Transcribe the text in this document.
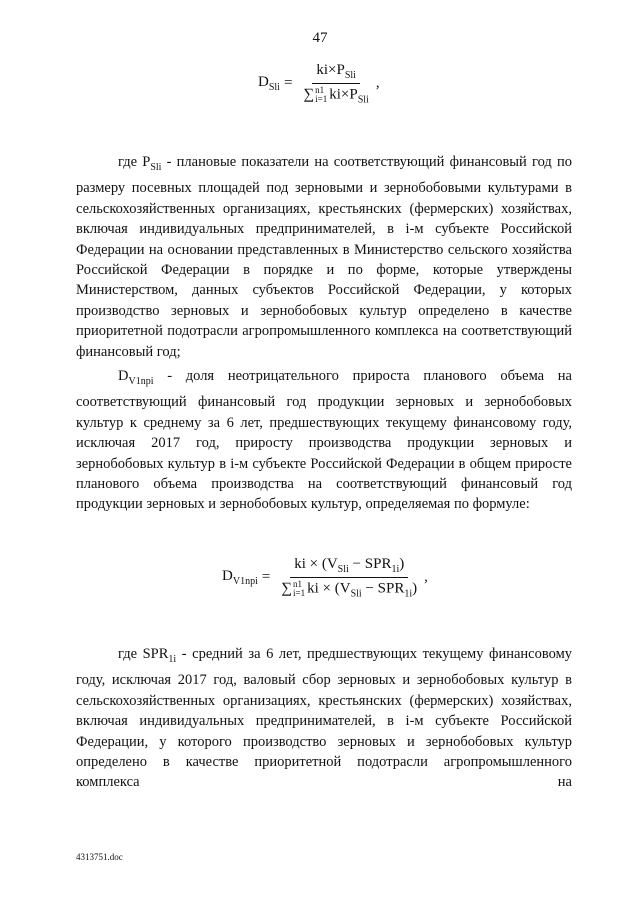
47
$D_{Sli} = ki\times P_{Sli}$
∑ n1
i=1 $ki\times P_{Sli}$ ,

где $P_{Sli}$ - плановые показатели на соответствующий финансовый год по размеру посевных площадей под зерновыми и зернобобовыми культурами в сельскохозяйственных организациях, крестьянских (фермерских) хозяйствах, включая индивидуальных предпринимателей, в i-м субъекте Российской Федерации на основании представленных в Министерство сельского хозяйства Российской Федерации в порядке и по форме, которые утверждены Министерством, данных субъектов Российской Федерации, у которых производство зерновых и зернобобовых культур определено в качестве приоритетной подотрасли агропромышленного комплекса на соответствующий финансовый год;

$D_{V1npi}$ - доля неотрицательного прироста планового объема на соответствующий финансовый год продукции зерновых и зернобобовых культур к среднему за 6 лет, предшествующих текущему финансовому году, исключая 2017 год, приросту производства продукции зерновых и зернобобовых культур в i-м субъекте Российской Федерации в общем приросте планового объема производства на соответствующий финансовый год продукции зерновых и зернобобовых культур, определяемая по формуле:

$D_{V1npi}$ = ki × $(V_{Sli} - SPR_{1i})$
∑ n1
i=1 ki × $(V_{Sli} - SPR_{1i})$ ,

где $SPR_{1i}$ - средний за 6 лет, предшествующих текущему финансовому году, исключая 2017 год, валовый сбор зерновых и зернобобовых культур в сельскохозяйственных организациях, крестьянских (фермерских) хозяйствах, включая индивидуальных предпринимателей, в i-м субъекте Российской Федерации, у которого производство зерновых и зернобобовых культур определено в качестве приоритетной подотрасли агропромышленного комплекса на

4313751.doc
